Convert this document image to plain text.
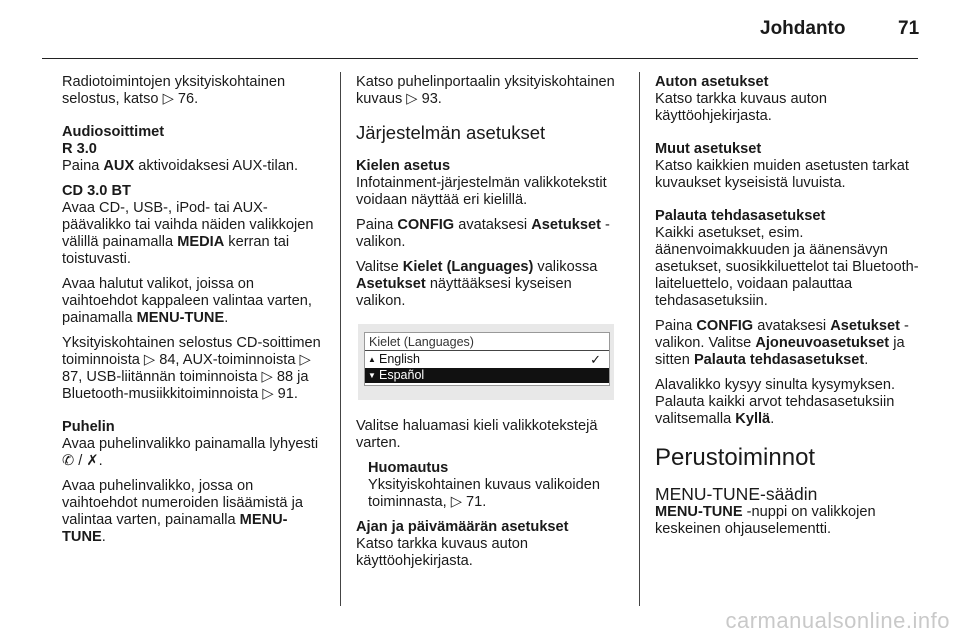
Johdanto	71

Radiotoimintojen yksityiskohtainen selostus, katso ▷ 76.

Audiosoittimet

R 3.0

Paina AUX aktivoidaksesi AUX-tilan.

CD 3.0 BT

Avaa CD-, USB-, iPod- tai AUX-päävalikko tai vaihda näiden valikkojen välillä painamalla MEDIA kerran tai toistuvasti.

Avaa halutut valikot, joissa on vaihtoehdot kappaleen valintaa varten, painamalla MENU-TUNE.

Yksityiskohtainen selostus CD-soittimen toiminnoista ▷ 84, AUX-toiminnoista ▷ 87, USB-liitännän toiminnoista ▷ 88 ja Bluetooth-musiikkitoiminnoista ▷ 91.

Puhelin

Avaa puhelinvalikko painamalla lyhyesti ✆ / ✗.

Avaa puhelinvalikko, jossa on vaihtoehdot numeroiden lisäämistä ja valintaa varten, painamalla MENU-TUNE.

Katso puhelinportaalin yksityiskohtainen kuvaus ▷ 93.

Järjestelmän asetukset

Kielen asetus

Infotainment-järjestelmän valikkotekstit voidaan näyttää eri kielillä.

Paina CONFIG avataksesi Asetukset -valikon.

Valitse Kielet (Languages) valikossa Asetukset näyttääksesi kyseisen valikon.

Kielet (Languages)
▲ English	✓
▼ Español

Valitse haluamasi kieli valikkotekstejä varten.

Huomautus

Yksityiskohtainen kuvaus valikoiden toiminnasta, ▷ 71.

Ajan ja päivämäärän asetukset

Katso tarkka kuvaus auton käyttöohjekirjasta.

Auton asetukset

Katso tarkka kuvaus auton käyttöohjekirjasta.

Muut asetukset

Katso kaikkien muiden asetusten tarkat kuvaukset kyseisistä luvuista.

Palauta tehdasasetukset

Kaikki asetukset, esim. äänenvoimakkuuden ja äänensävyn asetukset, suosikkiluettelot tai Bluetooth-laiteluettelo, voidaan palauttaa tehdasasetuksiin.

Paina CONFIG avataksesi Asetukset -valikon. Valitse Ajoneuvoasetukset ja sitten Palauta tehdasasetukset.

Alavalikko kysyy sinulta kysymyksen. Palauta kaikki arvot tehdasasetuksiin valitsemalla Kyllä.

Perustoiminnot
MENU-TUNE-säädin

MENU-TUNE -nuppi on valikkojen keskeinen ohjauselementti.

carmanualsonline.info
